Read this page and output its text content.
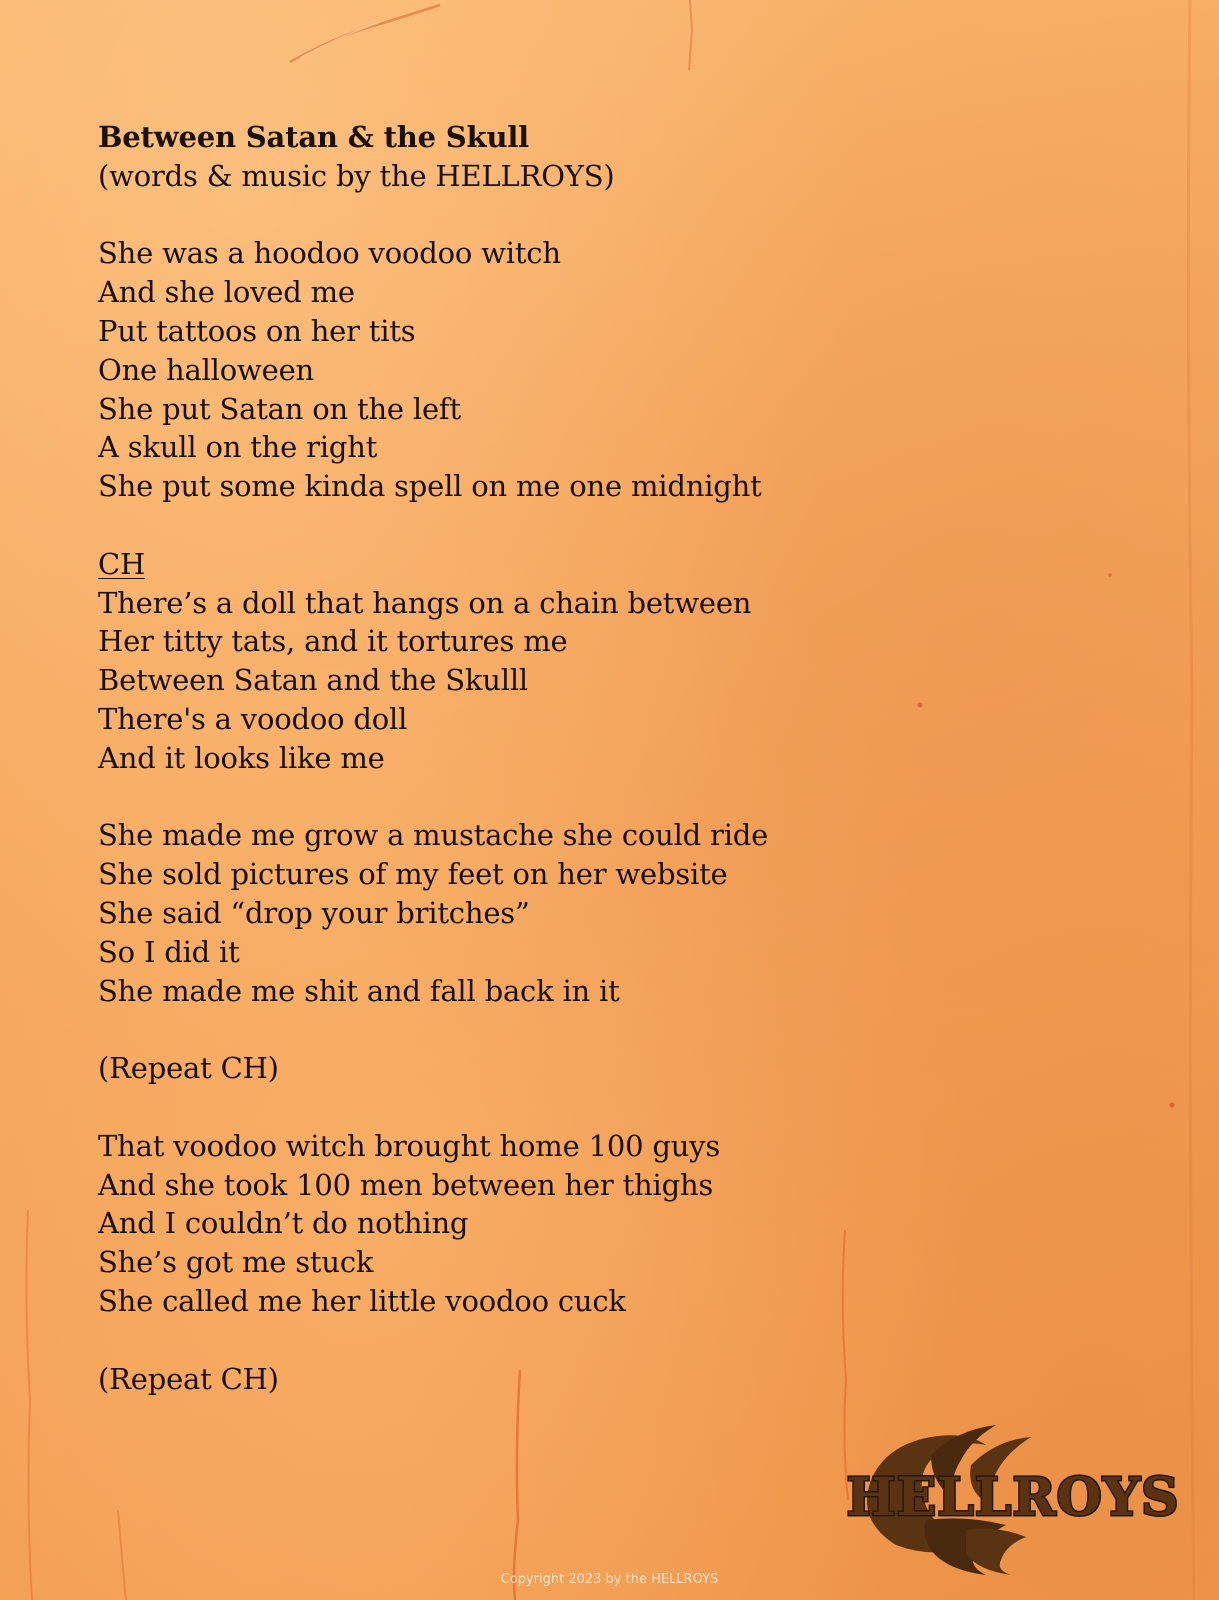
Between Satan & the Skull
(words & music by the HELLROYS)
She was a hoodoo voodoo witch
And she loved me
Put tattoos on her tits
One halloween
She put Satan on the left
A skull on the right
She put some kinda spell on me one midnight
CH
There’s a doll that hangs on a chain between
Her titty tats, and it tortures me
Between Satan and the Skulll
There's a voodoo doll
And it looks like me
She made me grow a mustache she could ride
She sold pictures of my feet on her website
She said “drop your britches”
So I did it
She made me shit and fall back in it
(Repeat CH)
That voodoo witch brought home 100 guys
And she took 100 men between her thighs
And I couldn’t do nothing
She’s got me stuck
She called me her little voodoo cuck
(Repeat CH)
HELLROYS
Copyright 2023 by the HELLROYS
